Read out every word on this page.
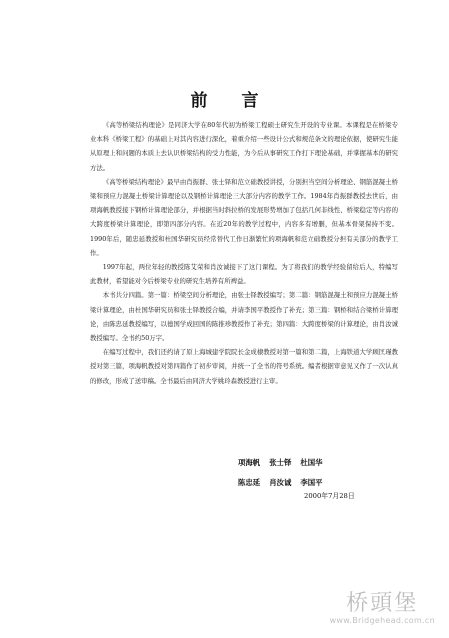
前 言

《高等桥梁结构理论》是同济大学在80年代初为桥梁工程硕士研究生开设的专业课。本课程是在桥梁专业本科《桥梁工程》的基础上对其内容进行深化，着重介绍一些设计公式和规范条文的理论依据，使研究生能从原理上和问题的本质上去认识桥梁结构的受力性能，为今后从事研究工作打下理论基础，并掌握基本的研究方法。

《高等桥梁结构理论》最早由肖振群、张士铎和范立础教授讲授，分别担当空间分析理论、钢筋混凝土桥梁和预应力混凝土桥梁计算理论以及钢桥计算理论三大部分内容的教学工作。1984年肖振群教授去世后，由项海帆教授接下钢桥计算理论部分，并根据当时斜拉桥的发展形势增加了包括几何非线性、桥梁稳定等内容的大跨度桥梁计算理论，即第四部分内容。在近20年的教学过程中，内容多有增删，但基本骨架保持不变。1990年后，随忠延教授和杜国华研究员经常替代工作日渐繁忙的项海帆和范立础教授分担有关部分的教学工作。

1997年起，两位年轻的教授陈艾荣和肖汝诚接下了这门课程。为了将我们的教学经验留给后人，特编写此教材，希望能对今后桥梁专业的研究生培养有所裨益。

本书共分四篇。第一篇：桥梁空间分析理论，由张士铎教授编写；第二篇：钢筋混凝土和预应力混凝土桥梁计算理论，由杜国华研究员和张士铎教授合编，并请李国平教授作了补充；第三篇：钢桥和结合梁桥计算理论，由陈忠延教授编写，以德国学成回国的陈推珍教授作了补充；第四篇：大跨度桥梁的计算理论，由肖汝诚教授编写。全书约50万字。

在编写过程中，我们还约请了原上海城建学院院长金成棣教授对第一篇和第二篇，上海铁道大学顾匡瑾教授对第三篇，项海帆教授对第四篇作了初步审阅，并统一了全书的符号系统。编者根据审意见又作了一次认真的修改，形成了送审稿。全书最后由同济大学姚玲森教授进行主审。

项海帆 张士铎 杜国华
陈忠延 肖汝诚 李国平
2000年7月28日
桥頭堡
www.Bridgehead.com.cn
